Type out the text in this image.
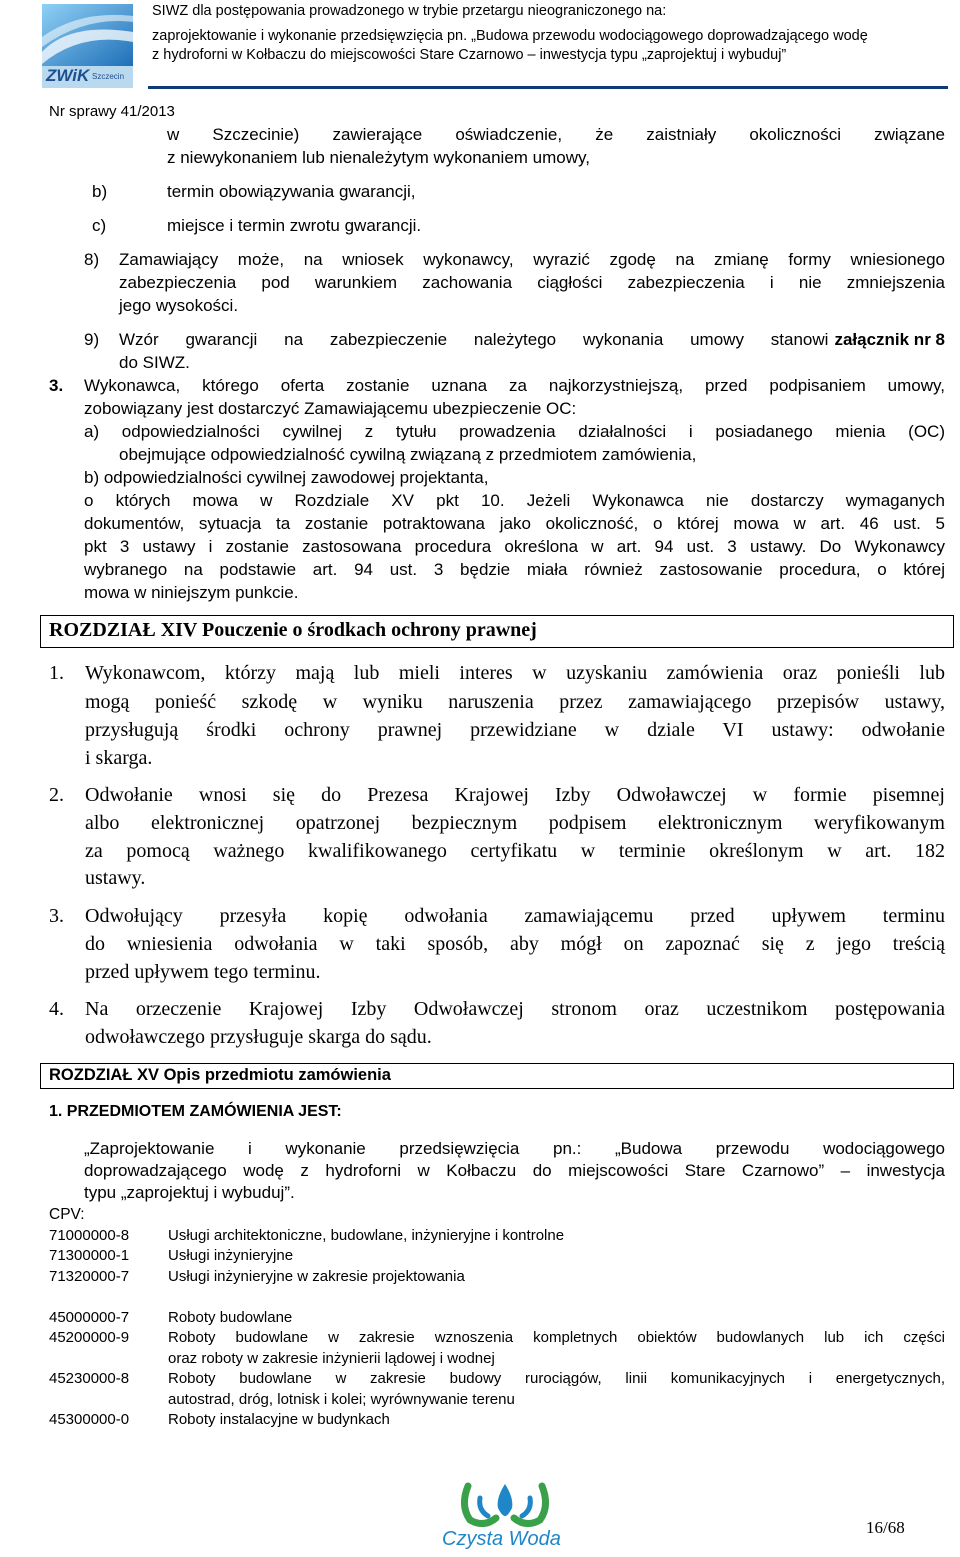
ZWiK Szczecin
SIWZ dla postępowania prowadzonego w trybie przetargu nieograniczonego na:
zaprojektowanie i wykonanie przedsięwzięcia pn. „Budowa przewodu wodociągowego doprowadzającego wodę
z hydroforni w Kołbaczu do miejscowości Stare Czarnowo – inwestycja typu „zaprojektuj i wybuduj”
Nr sprawy 41/2013
w Szczecinie) zawierające oświadczenie, że zaistniały okoliczności związane
z niewykonaniem lub nienależytym wykonaniem umowy,
b)	termin obowiązywania gwarancji,
c)	miejsce i termin zwrotu gwarancji.
8) Zamawiający może, na wniosek wykonawcy, wyrazić zgodę na zmianę formy wniesionego
zabezpieczenia pod warunkiem zachowania ciągłości zabezpieczenia i nie zmniejszenia
jego wysokości.
9) Wzór gwarancji na zabezpieczenie należytego wykonania umowy stanowi załącznik nr 8
do SIWZ.
3. Wykonawca, którego oferta zostanie uznana za najkorzystniejszą, przed podpisaniem umowy,
zobowiązany jest dostarczyć Zamawiającemu ubezpieczenie OC:
a) odpowiedzialności cywilnej z tytułu prowadzenia działalności i posiadanego mienia (OC)
obejmujące odpowiedzialność cywilną związaną z przedmiotem zamówienia,
b) odpowiedzialności cywilnej zawodowej projektanta,
o których mowa w Rozdziale XV pkt 10. Jeżeli Wykonawca nie dostarczy wymaganych
dokumentów, sytuacja ta zostanie potraktowana jako okoliczność, o której mowa w art. 46 ust. 5
pkt 3 ustawy i zostanie zastosowana procedura określona w art. 94 ust. 3 ustawy. Do Wykonawcy
wybranego na podstawie art. 94 ust. 3 będzie miała również zastosowanie procedura, o której
mowa w niniejszym punkcie.
ROZDZIAŁ XIV Pouczenie o środkach ochrony prawnej
1. Wykonawcom, którzy mają lub mieli interes w uzyskaniu zamówienia oraz ponieśli lub
mogą ponieść szkodę w wyniku naruszenia przez zamawiającego przepisów ustawy,
przysługują środki ochrony prawnej przewidziane w dziale VI ustawy: odwołanie
i skarga.
2. Odwołanie wnosi się do Prezesa Krajowej Izby Odwoławczej w formie pisemnej
albo elektronicznej opatrzonej bezpiecznym podpisem elektronicznym weryfikowanym
za pomocą ważnego kwalifikowanego certyfikatu w terminie określonym w art. 182
ustawy.
3. Odwołujący przesyła kopię odwołania zamawiającemu przed upływem terminu
do wniesienia odwołania w taki sposób, aby mógł on zapoznać się z jego treścią
przed upływem tego terminu.
4. Na orzeczenie Krajowej Izby Odwoławczej stronom oraz uczestnikom postępowania
odwoławczego przysługuje skarga do sądu.
ROZDZIAŁ XV Opis przedmiotu zamówienia
1. PRZEDMIOTEM ZAMÓWIENIA JEST:
„Zaprojektowanie i wykonanie przedsięwzięcia pn.: „Budowa przewodu wodociągowego
doprowadzającego wodę z hydroforni w Kołbaczu do miejscowości Stare Czarnowo” – inwestycja
typu „zaprojektuj i wybuduj”.
CPV:
71000000-8	Usługi architektoniczne, budowlane, inżynieryjne i kontrolne
71300000-1	Usługi inżynieryjne
71320000-7	Usługi inżynieryjne w zakresie projektowania
45000000-7	Roboty budowlane
45200000-9	Roboty budowlane w zakresie wznoszenia kompletnych obiektów budowlanych lub ich części
oraz roboty w zakresie inżynierii lądowej i wodnej
45230000-8	Roboty budowlane w zakresie budowy rurociągów, linii komunikacyjnych i energetycznych,
autostrad, dróg, lotnisk i kolei; wyrównywanie terenu
45300000-0	Roboty instalacyjne w budynkach
Czysta Woda
16/68
